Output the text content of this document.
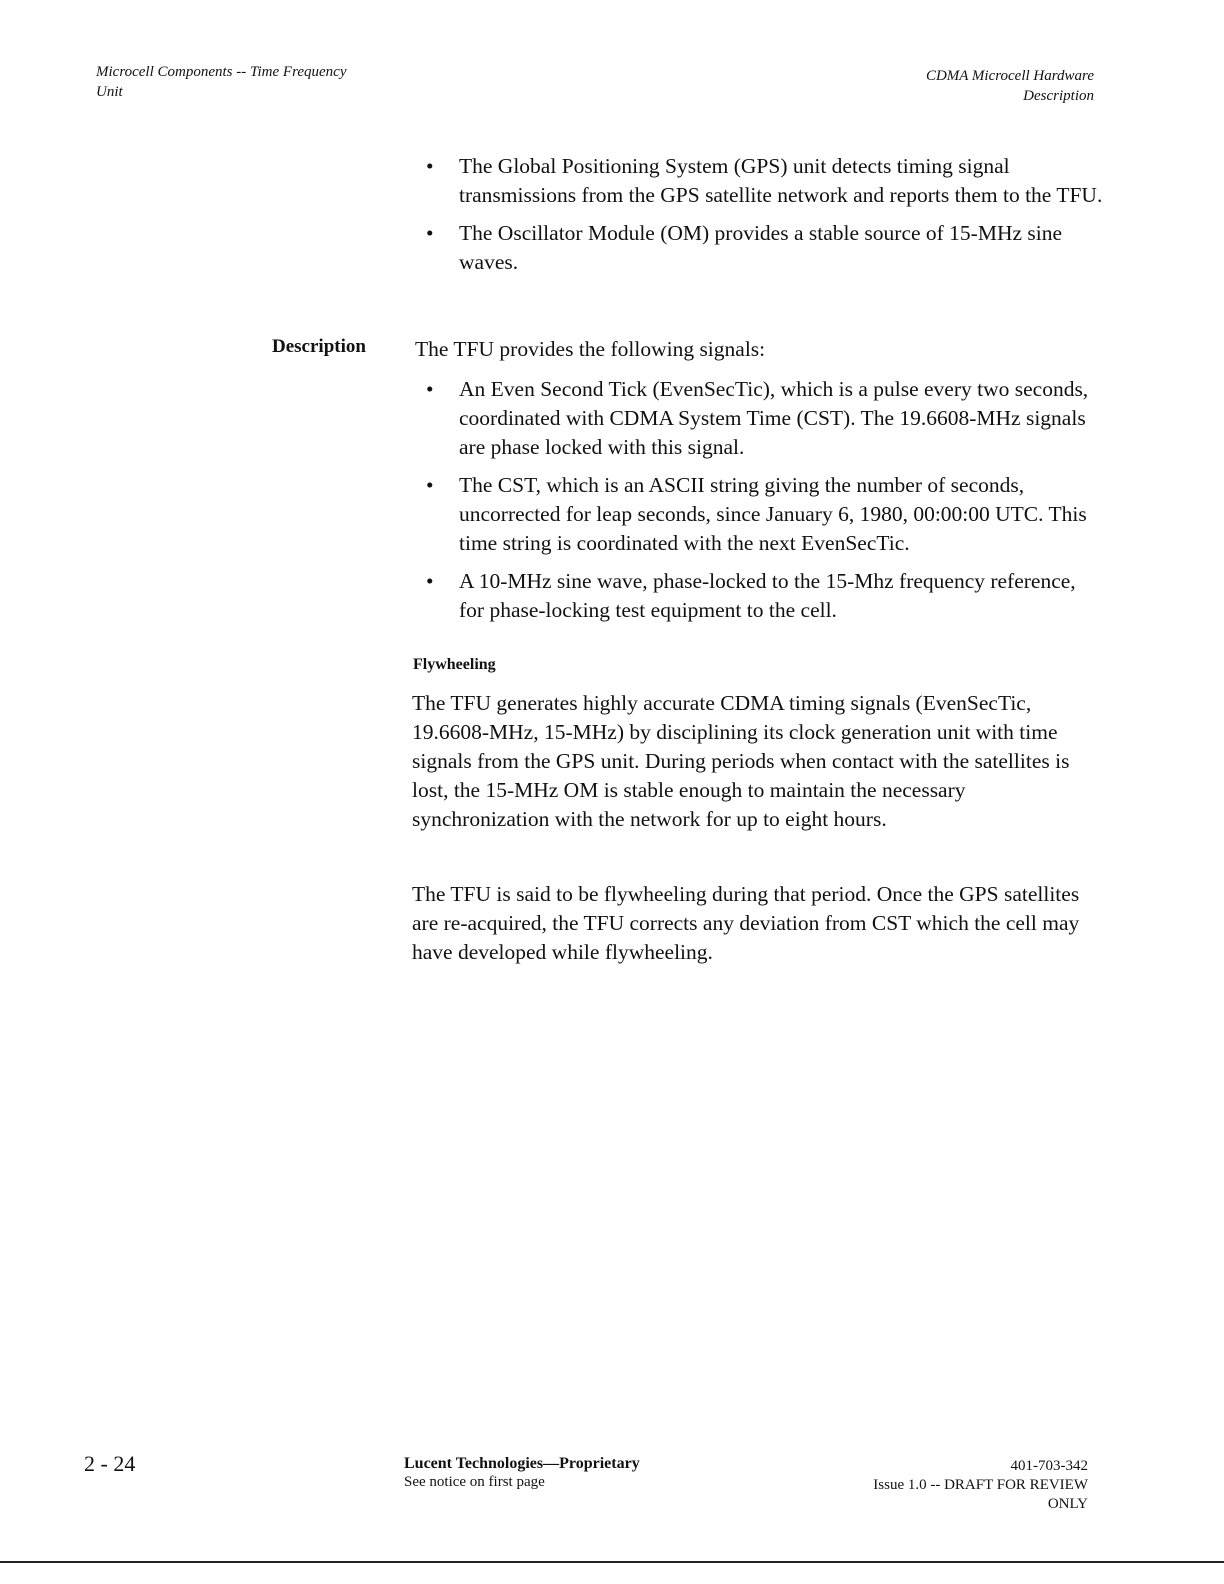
Microcell Components -- Time Frequency
Unit
CDMA Microcell Hardware
Description
• The Global Positioning System (GPS) unit detects timing signal transmissions from the GPS satellite network and reports them to the TFU.
• The Oscillator Module (OM) provides a stable source of 15-MHz sine waves.
Description The TFU provides the following signals:
• An Even Second Tick (EvenSecTic), which is a pulse every two seconds, coordinated with CDMA System Time (CST). The 19.6608-MHz signals are phase locked with this signal.
• The CST, which is an ASCII string giving the number of seconds, uncorrected for leap seconds, since January 6, 1980, 00:00:00 UTC. This time string is coordinated with the next EvenSecTic.
• A 10-MHz sine wave, phase-locked to the 15-Mhz frequency reference, for phase-locking test equipment to the cell.
Flywheeling

The TFU generates highly accurate CDMA timing signals (EvenSecTic, 19.6608-MHz, 15-MHz) by disciplining its clock generation unit with time signals from the GPS unit. During periods when contact with the satellites is lost, the 15-MHz OM is stable enough to maintain the necessary synchronization with the network for up to eight hours.

The TFU is said to be flywheeling during that period. Once the GPS satellites are re-acquired, the TFU corrects any deviation from CST which the cell may have developed while flywheeling.

2 - 24	Lucent Technologies—Proprietary
See notice on first page
401-703-342
Issue 1.0 -- DRAFT FOR REVIEW
ONLY
